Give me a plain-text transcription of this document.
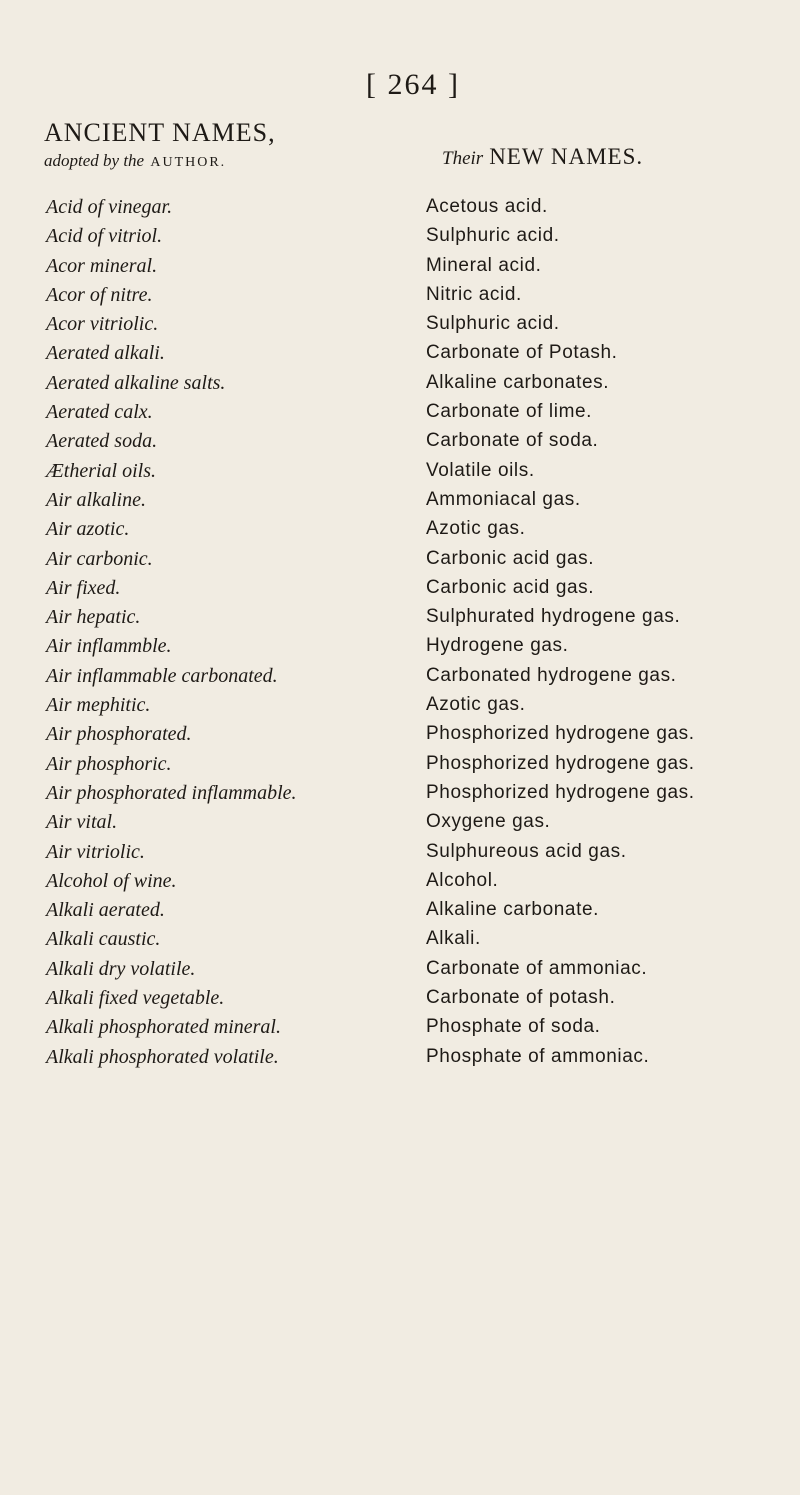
[ 264 ]
ANCIENT NAMES,
adopted by the AUTHOR.	Their NEW NAMES.
Acid of vinegar.	Acetous acid.
Acid of vitriol.	Sulphuric acid.
Acor mineral.	Mineral acid.
Acor of nitre.	Nitric acid.
Acor vitriolic.	Sulphuric acid.
Aerated alkali.	Carbonate of Potash.
Aerated alkaline salts.	Alkaline carbonates.
Aerated calx.	Carbonate of lime.
Aerated soda.	Carbonate of soda.
Ætherial oils.	Volatile oils.
Air alkaline.	Ammoniacal gas.
Air azotic.	Azotic gas.
Air carbonic.	Carbonic acid gas.
Air fixed.	Carbonic acid gas.
Air hepatic.	Sulphurated hydrogene gas.
Air inflammble.	Hydrogene gas.
Air inflammable carbonated.	Carbonated hydrogene gas.
Air mephitic.	Azotic gas.
Air phosphorated.	Phosphorized hydrogene gas.
Air phosphoric.	Phosphorized hydrogene gas.
Air phosphorated inflammable.	Phosphorized hydrogene gas.
Air vital.	Oxygene gas.
Air vitriolic.	Sulphureous acid gas.
Alcohol of wine.	Alcohol.
Alkali aerated.	Alkaline carbonate.
Alkali caustic.	Alkali.
Alkali dry volatile.	Carbonate of ammoniac.
Alkali fixed vegetable.	Carbonate of potash.
Alkali phosphorated mineral.	Phosphate of soda.
Alkali phosphorated volatile.	Phosphate of ammoniac.
